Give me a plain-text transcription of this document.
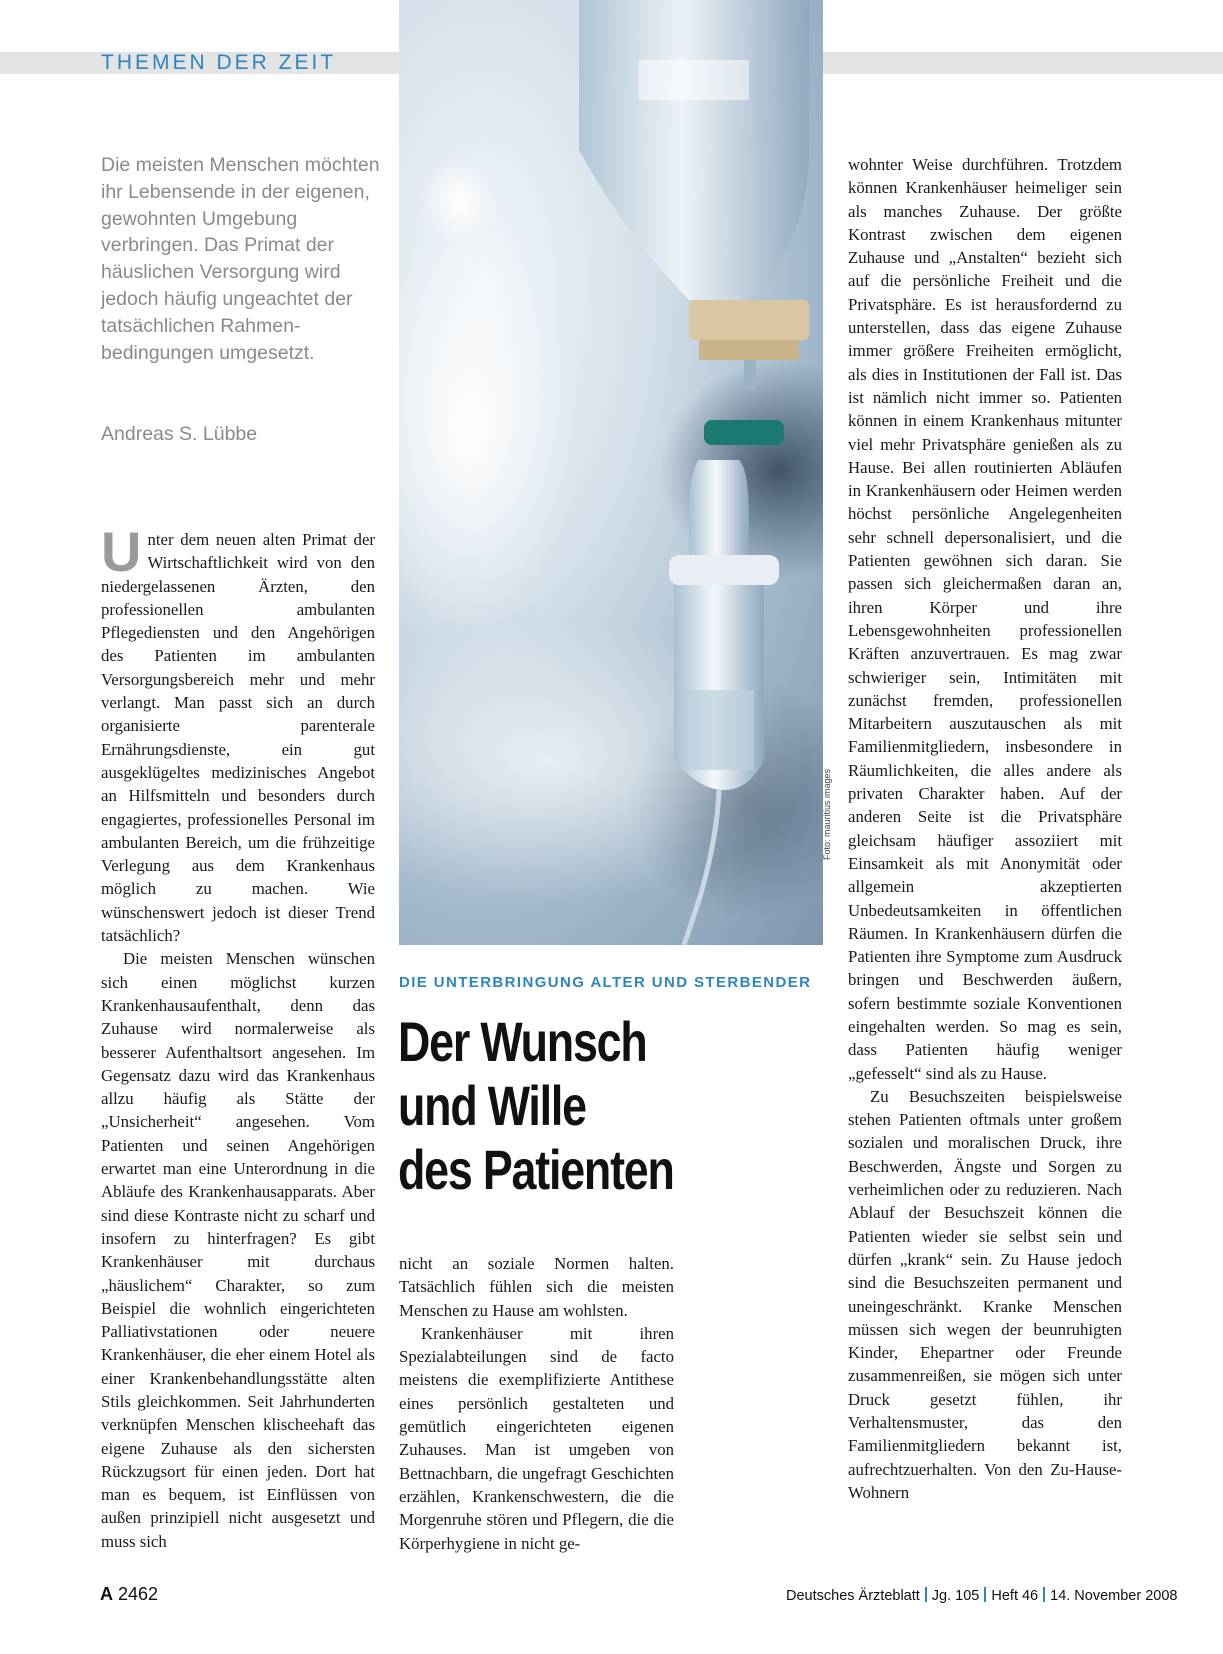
THEMEN DER ZEIT
Foto: mauritius images
Die meisten Menschen möchten ihr Lebensende in der eigenen, gewohnten Umgebung verbringen. Das Primat der häuslichen Versorgung wird jedoch häufig ungeachtet der tatsächlichen Rahmen-bedingungen umgesetzt.
Andreas S. Lübbe

Unter dem neuen alten Primat der Wirtschaftlichkeit wird von den niedergelassenen Ärzten, den professionellen ambulanten Pflegediensten und den Angehörigen des Patienten im ambulanten Versorgungsbereich mehr und mehr verlangt. Man passt sich an durch organisierte parenterale Ernährungsdienste, ein gut ausgeklügeltes medizinisches Angebot an Hilfsmitteln und besonders durch engagiertes, professionelles Personal im ambulanten Bereich, um die frühzeitige Verlegung aus dem Krankenhaus möglich zu machen. Wie wünschenswert jedoch ist dieser Trend tatsächlich?

Die meisten Menschen wünschen sich einen möglichst kurzen Krankenhausaufenthalt, denn das Zuhause wird normalerweise als besserer Aufenthaltsort angesehen. Im Gegensatz dazu wird das Krankenhaus allzu häufig als Stätte der „Unsicherheit“ angesehen. Vom Patienten und seinen Angehörigen erwartet man eine Unterordnung in die Abläufe des Krankenhausapparats. Aber sind diese Kontraste nicht zu scharf und insofern zu hinterfragen? Es gibt Krankenhäuser mit durchaus „häuslichem“ Charakter, so zum Beispiel die wohnlich eingerichteten Palliativstationen oder neuere Krankenhäuser, die eher einem Hotel als einer Krankenbehandlungsstätte alten Stils gleichkommen. Seit Jahrhunderten verknüpfen Menschen klischeehaft das eigene Zuhause als den sichersten Rückzugsort für einen jeden. Dort hat man es bequem, ist Einflüssen von außen prinzipiell nicht ausgesetzt und muss sich

DIE UNTERBRINGUNG ALTER UND STERBENDER
Der Wunsch
und Wille
des Patienten

nicht an soziale Normen halten. Tatsächlich fühlen sich die meisten Menschen zu Hause am wohlsten.

Krankenhäuser mit ihren Spezialabteilungen sind de facto meistens die exemplifizierte Antithese eines persönlich gestalteten und gemütlich eingerichteten eigenen Zuhauses. Man ist umgeben von Bettnachbarn, die ungefragt Geschichten erzählen, Krankenschwestern, die die Morgenruhe stören und Pflegern, die die Körperhygiene in nicht ge-

wohnter Weise durchführen. Trotzdem können Krankenhäuser heimeliger sein als manches Zuhause. Der größte Kontrast zwischen dem eigenen Zuhause und „Anstalten“ bezieht sich auf die persönliche Freiheit und die Privatsphäre. Es ist herausfordernd zu unterstellen, dass das eigene Zuhause immer größere Freiheiten ermöglicht, als dies in Institutionen der Fall ist. Das ist nämlich nicht immer so. Patienten können in einem Krankenhaus mitunter viel mehr Privatsphäre genießen als zu Hause. Bei allen routinierten Abläufen in Krankenhäusern oder Heimen werden höchst persönliche Angelegenheiten sehr schnell depersonalisiert, und die Patienten gewöhnen sich daran. Sie passen sich gleichermaßen daran an, ihren Körper und ihre Lebensgewohnheiten professionellen Kräften anzuvertrauen. Es mag zwar schwieriger sein, Intimitäten mit zunächst fremden, professionellen Mitarbeitern auszutauschen als mit Familienmitgliedern, insbesondere in Räumlichkeiten, die alles andere als privaten Charakter haben. Auf der anderen Seite ist die Privatsphäre gleichsam häufiger assoziiert mit Einsamkeit als mit Anonymität oder allgemein akzeptierten Unbedeutsamkeiten in öffentlichen Räumen. In Krankenhäusern dürfen die Patienten ihre Symptome zum Ausdruck bringen und Beschwerden äußern, sofern bestimmte soziale Konventionen eingehalten werden. So mag es sein, dass Patienten häufig weniger „gefesselt“ sind als zu Hause.

Zu Besuchszeiten beispielsweise stehen Patienten oftmals unter großem sozialen und moralischen Druck, ihre Beschwerden, Ängste und Sorgen zu verheimlichen oder zu reduzieren. Nach Ablauf der Besuchszeit können die Patienten wieder sie selbst sein und dürfen „krank“ sein. Zu Hause jedoch sind die Besuchszeiten permanent und uneingeschränkt. Kranke Menschen müssen sich wegen der beunruhigten Kinder, Ehepartner oder Freunde zusammenreißen, sie mögen sich unter Druck gesetzt fühlen, ihr Verhaltensmuster, das den Familienmitgliedern bekannt ist, aufrechtzuerhalten. Von den Zu-Hause-Wohnern

A 2462	Deutsches Ärzteblatt Jg. 105 Heft 46 14. November 2008
